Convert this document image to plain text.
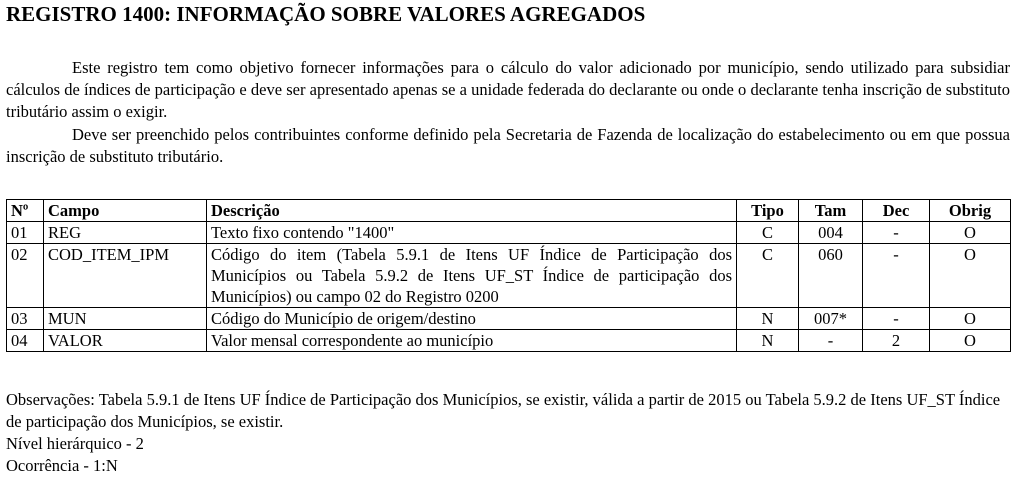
REGISTRO 1400: INFORMAÇÃO SOBRE VALORES AGREGADOS

Este registro tem como objetivo fornecer informações para o cálculo do valor adicionado por município, sendo utilizado para subsidiar cálculos de índices de participação e deve ser apresentado apenas se a unidade federada do declarante ou onde o declarante tenha inscrição de substituto tributário assim o exigir.

Deve ser preenchido pelos contribuintes conforme definido pela Secretaria de Fazenda de localização do estabelecimento ou em que possua inscrição de substituto tributário.

Nº	Campo	Descrição	Tipo	Tam	Dec	Obrig
01	REG	Texto fixo contendo "1400"	C	004	-	O
02	COD_ITEM_IPM	Código do item (Tabela 5.9.1 de Itens UF Índice de Participação dos Municípios ou Tabela 5.9.2 de Itens UF_ST Índice de participação dos Municípios) ou campo 02 do Registro 0200	C	060	-	O
03	MUN	Código do Município de origem/destino	N	007*	-	O
04	VALOR	Valor mensal correspondente ao município	N	-	2	O

Observações: Tabela 5.9.1 de Itens UF Índice de Participação dos Municípios, se existir, válida a partir de 2015 ou Tabela 5.9.2 de Itens UF_ST Índice de participação dos Municípios, se existir.

Nível hierárquico - 2

Ocorrência - 1:N
